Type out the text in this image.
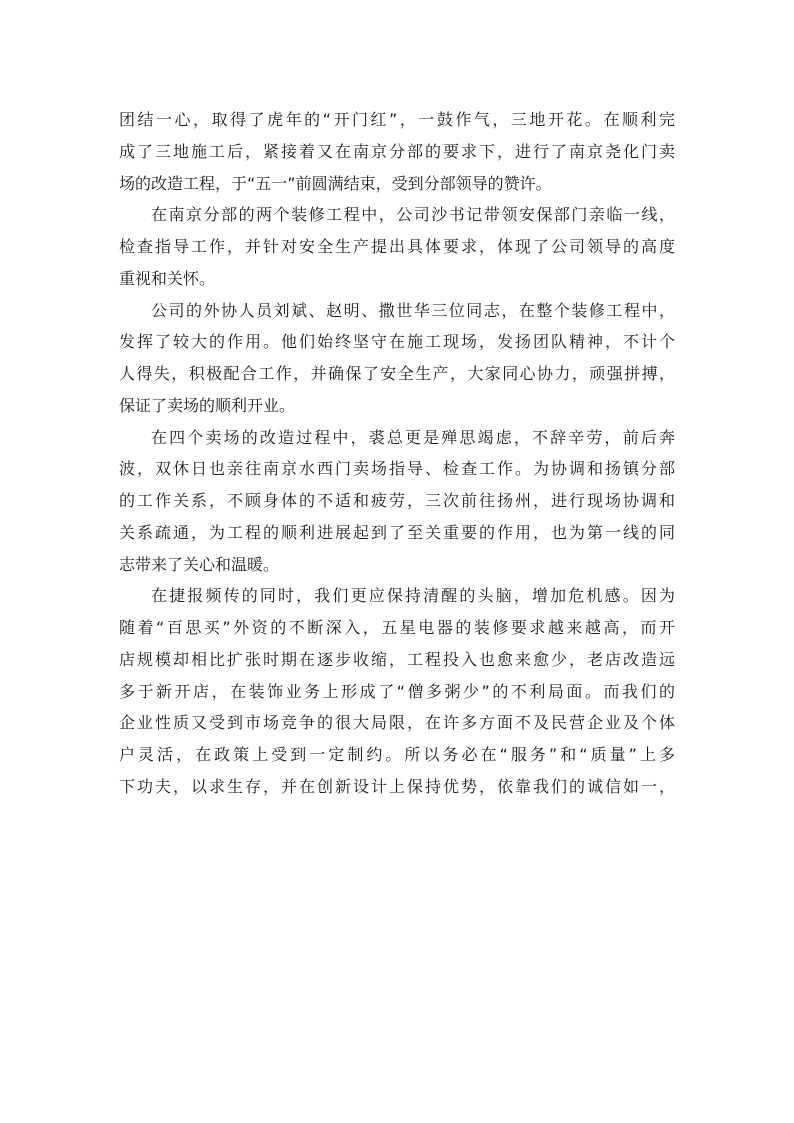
团结一心，取得了虎年的“开门红”，一鼓作气，三地开花。在顺利完
成了三地施工后，紧接着又在南京分部的要求下，进行了南京尧化门卖
场的改造工程，于“五一”前圆满结束，受到分部领导的赞许。
在南京分部的两个装修工程中，公司沙书记带领安保部门亲临一线，
检查指导工作，并针对安全生产提出具体要求，体现了公司领导的高度
重视和关怀。
公司的外协人员刘斌、赵明、撒世华三位同志，在整个装修工程中，
发挥了较大的作用。他们始终坚守在施工现场，发扬团队精神，不计个
人得失，积极配合工作，并确保了安全生产，大家同心协力，顽强拼搏，
保证了卖场的顺利开业。
在四个卖场的改造过程中，裘总更是殚思竭虑，不辞辛劳，前后奔
波，双休日也亲往南京水西门卖场指导、检查工作。为协调和扬镇分部
的工作关系，不顾身体的不适和疲劳，三次前往扬州，进行现场协调和
关系疏通，为工程的顺利进展起到了至关重要的作用，也为第一线的同
志带来了关心和温暖。
在捷报频传的同时，我们更应保持清醒的头脑，增加危机感。因为
随着“百思买”外资的不断深入，五星电器的装修要求越来越高，而开
店规模却相比扩张时期在逐步收缩，工程投入也愈来愈少，老店改造远
多于新开店，在装饰业务上形成了“僧多粥少”的不利局面。而我们的
企业性质又受到市场竞争的很大局限，在许多方面不及民营企业及个体
户灵活，在政策上受到一定制约。所以务必在“服务”和“质量”上多
下功夫，以求生存，并在创新设计上保持优势，依靠我们的诚信如一，
